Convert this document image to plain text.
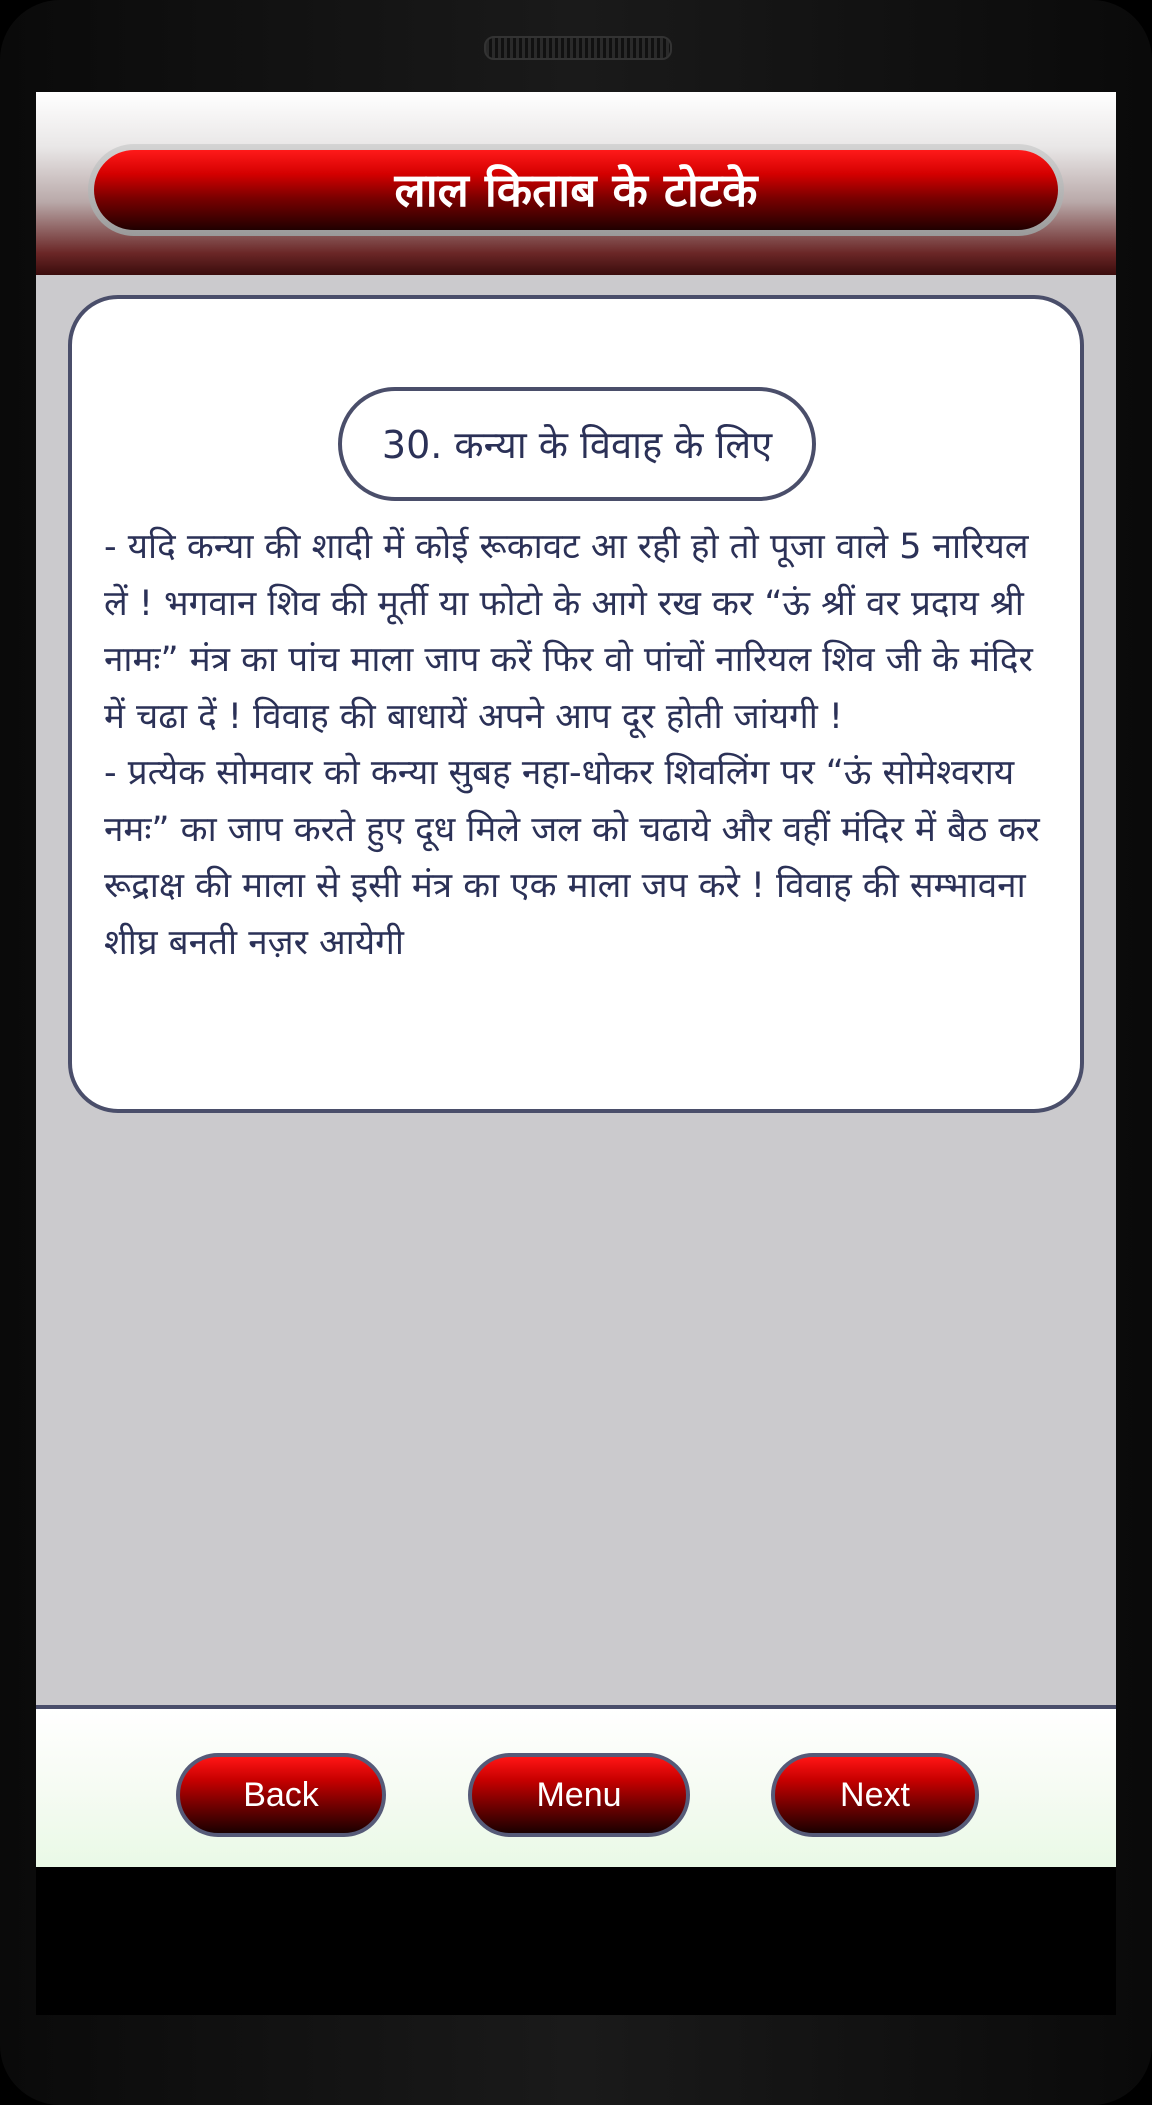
लाल किताब के टोटके
30. कन्या के विवाह के लिए

- यदि कन्या की शादी में कोई रूकावट आ रही हो तो पूजा वाले 5 नारियल लें ! भगवान शिव की मूर्ती या फोटो के आगे रख कर “ऊं श्रीं वर प्रदाय श्री नामः” मंत्र का पांच माला जाप करें फिर वो पांचों नारियल शिव जी के मंदिर में चढा दें ! विवाह की बाधायें अपने आप दूर होती जांयगी !

- प्रत्येक सोमवार को कन्या सुबह नहा-धोकर शिवलिंग पर “ऊं सोमेश्वराय नमः” का जाप करते हुए दूध मिले जल को चढाये और वहीं मंदिर में बैठ कर रूद्राक्ष की माला से इसी मंत्र का एक माला जप करे ! विवाह की सम्भावना शीघ्र बनती नज़र आयेगी

Back	Menu	Next
